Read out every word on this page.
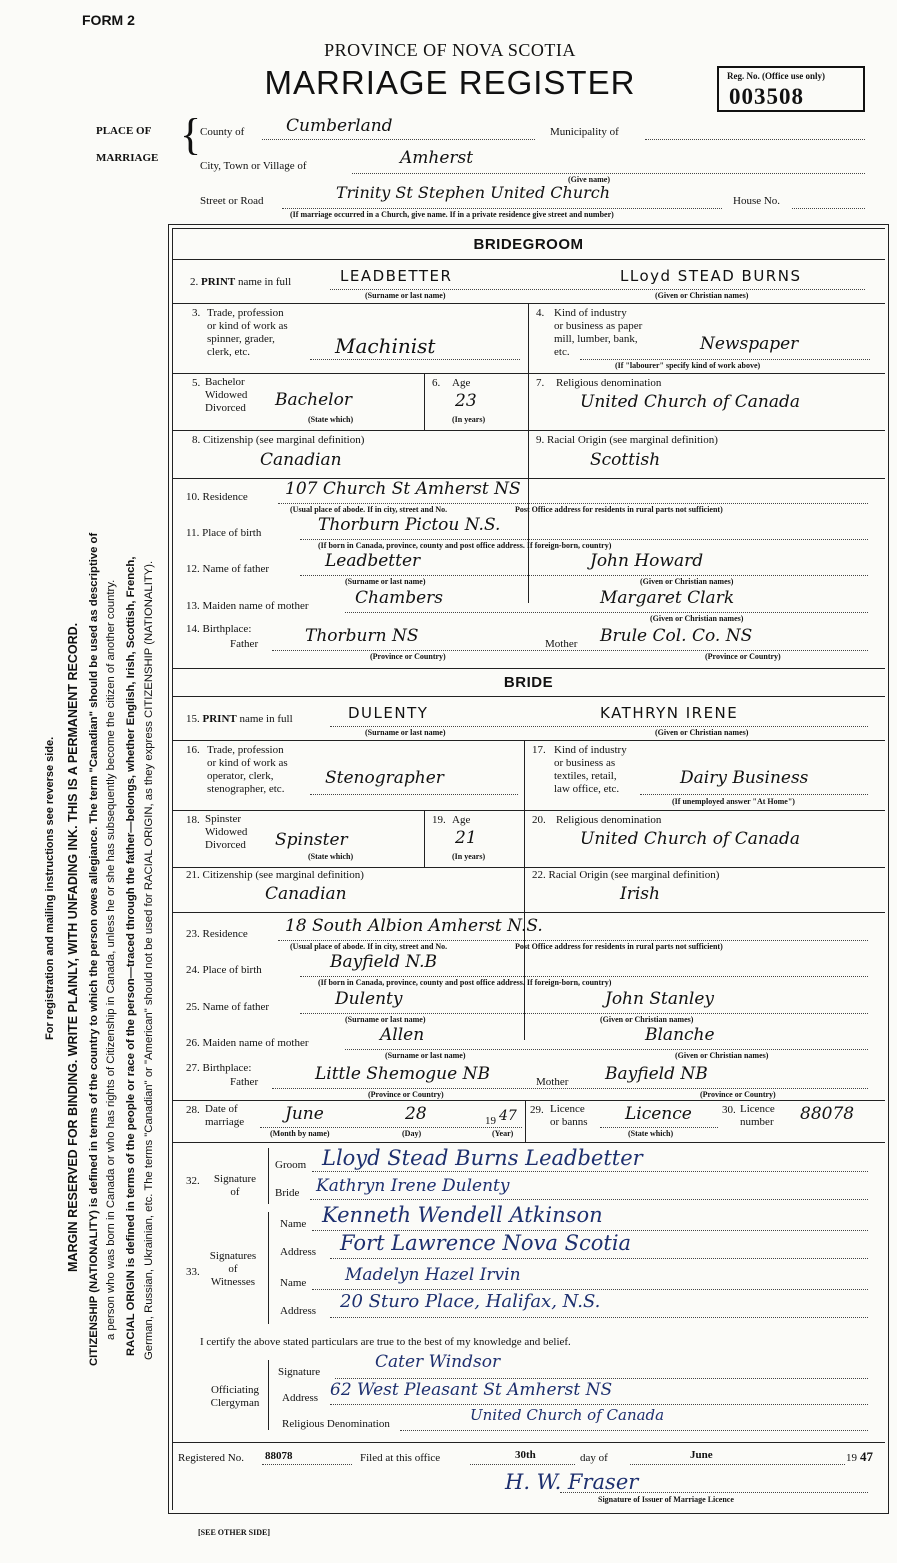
For registration and mailing instructions see reverse side. MARGIN RESERVED FOR BINDING. WRITE PLAINLY, WITH UNFADING INK. THIS IS A PERMANENT RECORD. CITIZENSHIP (NATIONALITY) is defined in terms of the country to which the person owes allegiance. The term "Canadian" should be used as descriptive of a person who was born in Canada or who has rights of Citizenship in Canada, unless he or she has subsequently become the citizen of another country. RACIAL ORIGIN is defined in terms of the people or race of the person—traced through the father—belongs, whether English, Irish, Scottish, French, German, Russian, Ukrainian, etc. The terms "Canadian" or "American" should not be used for RACIAL ORIGIN, as they express CITIZENSHIP (NATIONALITY).
FORM 2
PROVINCE OF NOVA SCOTIA
MARRIAGE REGISTER	Reg. No. (Office use only)
003508
PLACE OF
MARRIAGE {
County of Cumberland	Municipality of
City, Town or Village of	Amherst
(Give name)
Street or Road	Trinity St Stephen United Church	House No.
(If marriage occurred in a Church, give name. If in a private residence give street and number)
BRIDEGROOM
2. PRINT name in full	LEADBETTER	LLoyd STEAD BURNS
(Surname or last name)	(Given or Christian names)
3. Trade, profession
or kind of work as
spinner, grader,
clerk, etc.	Machinist
4. Kind of industry
or business as paper
mill, lumber, bank,
etc.	Newspaper
(If "labourer" specify kind of work above)
5. Bachelor
Widowed
Divorced Bachelor
(State which)
6. Age
23
(In years)
7. Religious denomination
United Church of Canada
8. Citizenship (see marginal definition)
Canadian
9. Racial Origin (see marginal definition)
Scottish
10. Residence 107 Church St Amherst NS
(Usual place of abode. If in city, street and No.	Post Office address for residents in rural parts not sufficient)
11. Place of birth	Thorburn Pictou N.S.
(If born in Canada, province, county and post office address. If foreign-born, country)
12. Name of father	Leadbetter	John Howard
(Surname or last name)	(Given or Christian names)
13. Maiden name of mother	Chambers	Margaret Clark
(Given or Christian names)
14. Birthplace:
Father	Thorburn NS	Mother Brule Col. Co. NS
(Province or Country)	(Province or Country)
BRIDE
15. PRINT name in full	DULENTY	KATHRYN IRENE
(Surname or last name)	(Given or Christian names)
16. Trade, profession
or kind of work as
operator, clerk,
stenographer, etc.
Stenographer
17. Kind of industry
or business as
textiles, retail,
law office, etc.
Dairy Business
(If unemployed answer "At Home")
18. Spinster
Widowed
Divorced Spinster
(State which)
19. Age
21
(In years)
20. Religious denomination
United Church of Canada
21. Citizenship (see marginal definition)
Canadian
22. Racial Origin (see marginal definition)
Irish
23. Residence 18 South Albion Amherst N.S.
(Usual place of abode. If in city, street and No.	Post Office address for residents in rural parts not sufficient)
24. Place of birth	Bayfield N.B
(If born in Canada, province, county and post office address. If foreign-born, country)
25. Name of father	Dulenty	John Stanley
(Surname or last name)	(Given or Christian names)
26. Maiden name of mother	Allen	Blanche
(Surname or last name)	(Given or Christian names)
27. Birthplace:
Father	Little Shemogue NB	Mother Bayfield NB
(Province or Country)	(Province or Country)
28. Date of
marriage June	28	19 47
(Month by name)	(Day)	(Year)
29. Licence
or banns Licence
(State which)
30. Licence
number 88078
32.	Signature
of
Groom Lloyd Stead Burns Leadbetter
Bride Kathryn Irene Dulenty
33.
Signatures
of
Witnesses
Name Kenneth Wendell Atkinson
Address Fort Lawrence Nova Scotia
Name Madelyn Hazel Irvin
Address 20 Sturo Place, Halifax, N.S.
I certify the above stated particulars are true to the best of my knowledge and belief.
Officiating
Clergyman
Signature	Cater Windsor
Address 62 West Pleasant St Amherst NS
Religious Denomination	United Church of Canada
Registered No. 88078	Filed at this office	30th	day of	June	19 47
H. W. Fraser
Signature of Issuer of Marriage Licence
[SEE OTHER SIDE]
